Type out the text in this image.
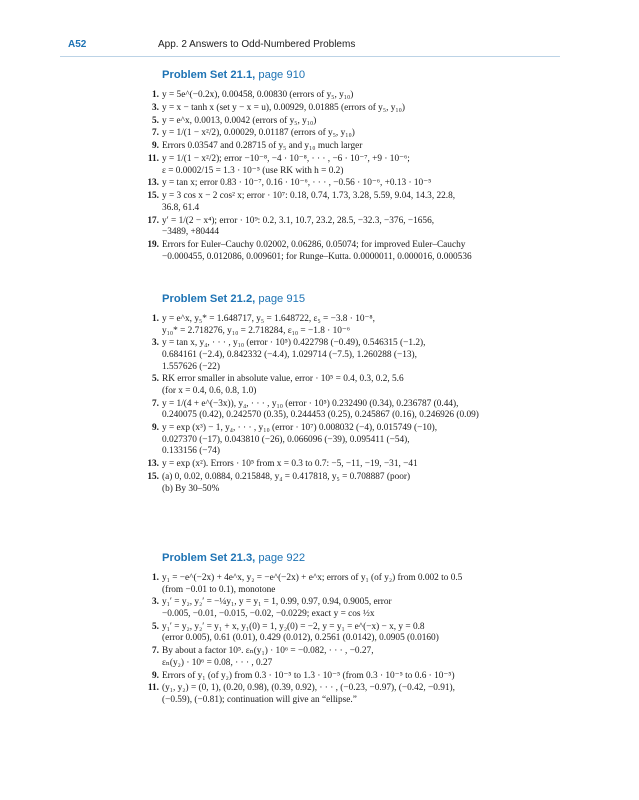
A52	App. 2 Answers to Odd-Numbered Problems
Problem Set 21.1, page 910
1. y = 5e^(−0.2x), 0.00458, 0.00830 (errors of y₅, y₁₀)
3. y = x − tanh x (set y − x = u), 0.00929, 0.01885 (errors of y₅, y₁₀)
5. y = e^x, 0.0013, 0.0042 (errors of y₅, y₁₀)
7. y = 1/(1 − x²/2), 0.00029, 0.01187 (errors of y₅, y₁₀)
9. Errors 0.03547 and 0.28715 of y₅ and y₁₀ much larger
11. y = 1/(1 − x²/2); error −10⁻⁸, −4 · 10⁻⁸, · · · , −6 · 10⁻⁷, +9 · 10⁻⁶;
ε = 0.0002/15 = 1.3 · 10⁻⁵ (use RK with h = 0.2)
13. y = tan x; error 0.83 · 10⁻⁷, 0.16 · 10⁻⁶, · · · , −0.56 · 10⁻⁶, +0.13 · 10⁻⁵
15. y = 3 cos x − 2 cos² x; error · 10⁷: 0.18, 0.74, 1.73, 3.28, 5.59, 9.04, 14.3, 22.8,
36.8, 61.4
17. y′ = 1/(2 − x⁴); error · 10⁹: 0.2, 3.1, 10.7, 23.2, 28.5, −32.3, −376, −1656,
−3489, +80444
19. Errors for Euler–Cauchy 0.02002, 0.06286, 0.05074; for improved Euler–Cauchy
−0.000455, 0.012086, 0.009601; for Runge–Kutta. 0.0000011, 0.000016, 0.000536
Problem Set 21.2, page 915
1. y = e^x, y₅* = 1.648717, y₅ = 1.648722, ε₅ = −3.8 · 10⁻⁸,
y₁₀* = 2.718276, y₁₀ = 2.718284, ε₁₀ = −1.8 · 10⁻⁶
3. y = tan x, y₄, · · · , y₁₀ (error · 10⁵) 0.422798 (−0.49), 0.546315 (−1.2),
0.684161 (−2.4), 0.842332 (−4.4), 1.029714 (−7.5), 1.260288 (−13),
1.557626 (−22)
5. RK error smaller in absolute value, error · 10⁵ = 0.4, 0.3, 0.2, 5.6
(for x = 0.4, 0.6, 0.8, 1.0)
7. y = 1/(4 + e^(−3x)), y₄, · · · , y₁₀ (error · 10⁵) 0.232490 (0.34), 0.236787 (0.44),
0.240075 (0.42), 0.242570 (0.35), 0.244453 (0.25), 0.245867 (0.16), 0.246926 (0.09)
9. y = exp (x³) − 1, y₄, · · · , y₁₀ (error · 10⁷) 0.008032 (−4), 0.015749 (−10),
0.027370 (−17), 0.043810 (−26), 0.066096 (−39), 0.095411 (−54),
0.133156 (−74)
13. y = exp (x²). Errors · 10⁵ from x = 0.3 to 0.7: −5, −11, −19, −31, −41
15. (a) 0, 0.02, 0.0884, 0.215848, y₄ = 0.417818, y₅ = 0.708887 (poor)
(b) By 30–50%
Problem Set 21.3, page 922
1. y₁ = −e^(−2x) + 4e^x, y₂ = −e^(−2x) + e^x; errors of y₁ (of y₂) from 0.002 to 0.5
(from −0.01 to 0.1), monotone
3. y₁′ = y₂, y₂′ = −¼y₁, y = y₁ = 1, 0.99, 0.97, 0.94, 0.9005, error
−0.005, −0.01, −0.015, −0.02, −0.0229; exact y = cos ½x
5. y₁′ = y₂, y₂′ = y₁ + x, y₁(0) = 1, y₂(0) = −2, y = y₁ = e^(−x) − x, y = 0.8
(error 0.005), 0.61 (0.01), 0.429 (0.012), 0.2561 (0.0142), 0.0905 (0.0160)
7. By about a factor 10⁵. εₙ(y₁) · 10⁶ = −0.082, · · · , −0.27,
εₙ(y₂) · 10⁶ = 0.08, · · · , 0.27
9. Errors of y₁ (of y₂) from 0.3 · 10⁻⁵ to 1.3 · 10⁻⁵ (from 0.3 · 10⁻⁵ to 0.6 · 10⁻⁵)
11. (y₁, y₂) = (0, 1), (0.20, 0.98), (0.39, 0.92), · · · , (−0.23, −0.97), (−0.42, −0.91),
(−0.59), (−0.81); continuation will give an “ellipse.”
